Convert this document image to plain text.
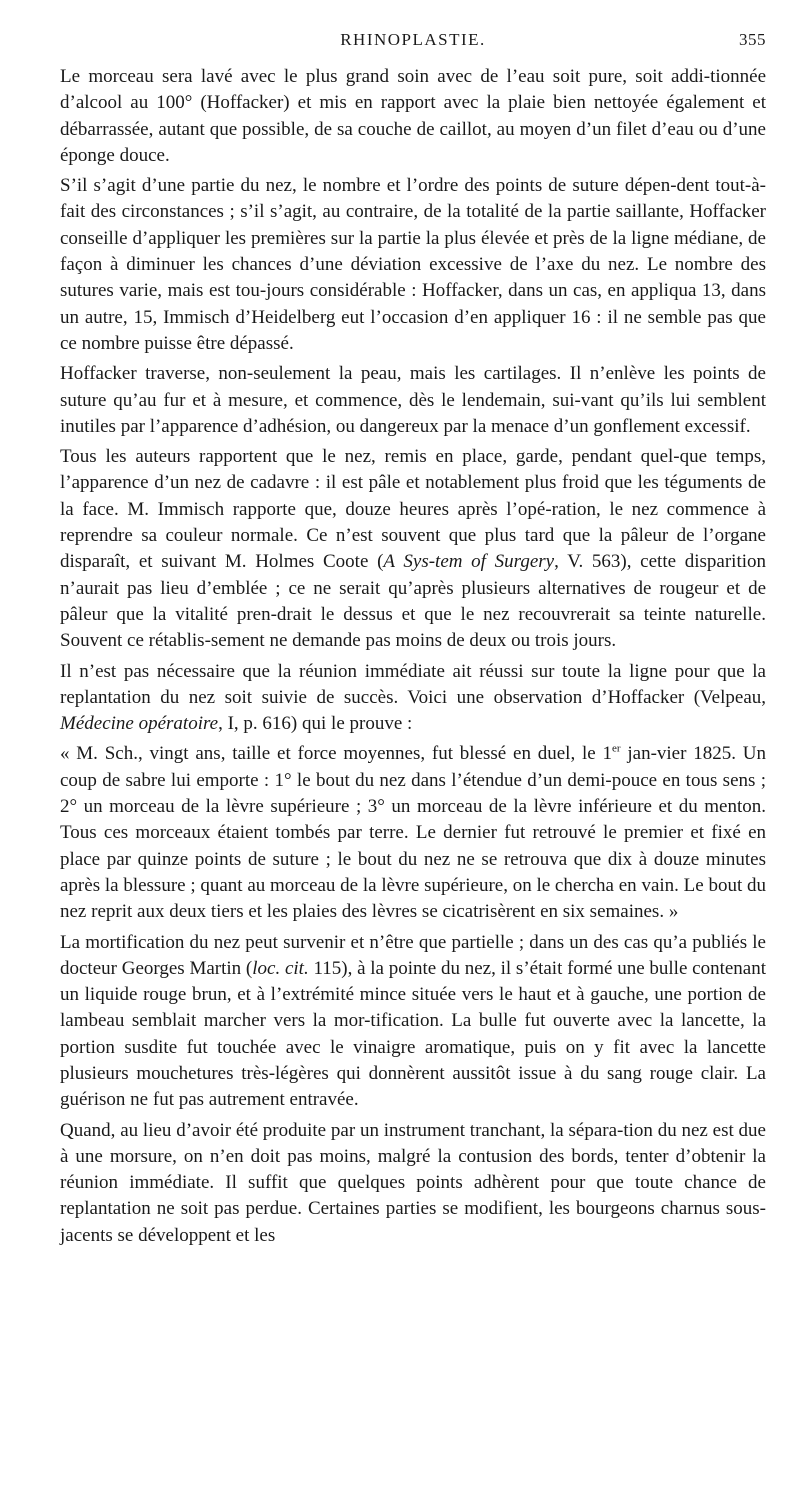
RHINOPLASTIE.	355

Le morceau sera lavé avec le plus grand soin avec de l’eau soit pure, soit addi-tionnée d’alcool au 100° (Hoffacker) et mis en rapport avec la plaie bien nettoyée également et débarrassée, autant que possible, de sa couche de caillot, au moyen d’un filet d’eau ou d’une éponge douce.

S’il s’agit d’une partie du nez, le nombre et l’ordre des points de suture dépen-dent tout-à-fait des circonstances ; s’il s’agit, au contraire, de la totalité de la partie saillante, Hoffacker conseille d’appliquer les premières sur la partie la plus élevée et près de la ligne médiane, de façon à diminuer les chances d’une déviation excessive de l’axe du nez. Le nombre des sutures varie, mais est tou-jours considérable : Hoffacker, dans un cas, en appliqua 13, dans un autre, 15, Immisch d’Heidelberg eut l’occasion d’en appliquer 16 : il ne semble pas que ce nombre puisse être dépassé.

Hoffacker traverse, non-seulement la peau, mais les cartilages. Il n’enlève les points de suture qu’au fur et à mesure, et commence, dès le lendemain, sui-vant qu’ils lui semblent inutiles par l’apparence d’adhésion, ou dangereux par la menace d’un gonflement excessif.

Tous les auteurs rapportent que le nez, remis en place, garde, pendant quel-que temps, l’apparence d’un nez de cadavre : il est pâle et notablement plus froid que les téguments de la face. M. Immisch rapporte que, douze heures après l’opé-ration, le nez commence à reprendre sa couleur normale. Ce n’est souvent que plus tard que la pâleur de l’organe disparaît, et suivant M. Holmes Coote (A Sys-tem of Surgery, V. 563), cette disparition n’aurait pas lieu d’emblée ; ce ne serait qu’après plusieurs alternatives de rougeur et de pâleur que la vitalité pren-drait le dessus et que le nez recouvrerait sa teinte naturelle. Souvent ce rétablis-sement ne demande pas moins de deux ou trois jours.

Il n’est pas nécessaire que la réunion immédiate ait réussi sur toute la ligne pour que la replantation du nez soit suivie de succès. Voici une observation d’Hoffacker (Velpeau, Médecine opératoire, I, p. 616) qui le prouve :

« M. Sch., vingt ans, taille et force moyennes, fut blessé en duel, le 1er jan-vier 1825. Un coup de sabre lui emporte : 1° le bout du nez dans l’étendue d’un demi-pouce en tous sens ; 2° un morceau de la lèvre supérieure ; 3° un morceau de la lèvre inférieure et du menton. Tous ces morceaux étaient tombés par terre. Le dernier fut retrouvé le premier et fixé en place par quinze points de suture ; le bout du nez ne se retrouva que dix à douze minutes après la blessure ; quant au morceau de la lèvre supérieure, on le chercha en vain. Le bout du nez reprit aux deux tiers et les plaies des lèvres se cicatrisèrent en six semaines. »

La mortification du nez peut survenir et n’être que partielle ; dans un des cas qu’a publiés le docteur Georges Martin (loc. cit. 115), à la pointe du nez, il s’était formé une bulle contenant un liquide rouge brun, et à l’extrémité mince située vers le haut et à gauche, une portion de lambeau semblait marcher vers la mor-tification. La bulle fut ouverte avec la lancette, la portion susdite fut touchée avec le vinaigre aromatique, puis on y fit avec la lancette plusieurs mouchetures très-légères qui donnèrent aussitôt issue à du sang rouge clair. La guérison ne fut pas autrement entravée.

Quand, au lieu d’avoir été produite par un instrument tranchant, la sépara-tion du nez est due à une morsure, on n’en doit pas moins, malgré la contusion des bords, tenter d’obtenir la réunion immédiate. Il suffit que quelques points adhèrent pour que toute chance de replantation ne soit pas perdue. Certaines parties se modifient, les bourgeons charnus sous-jacents se développent et les
